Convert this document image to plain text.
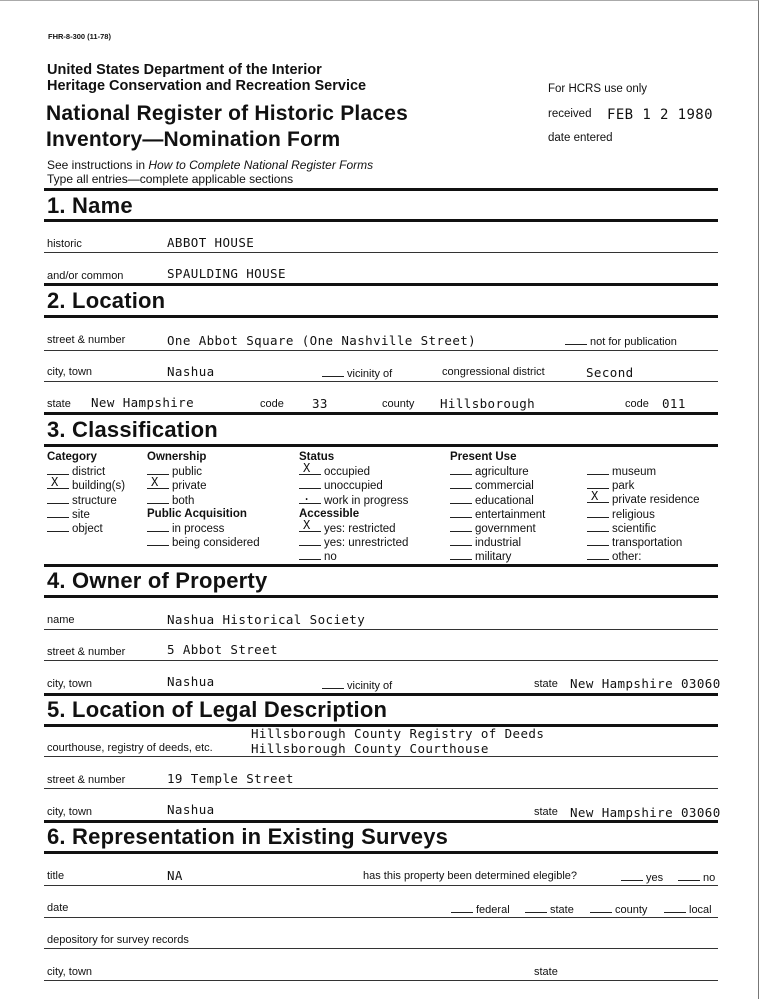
FHR-8-300 (11-78)
United States Department of the Interior
Heritage Conservation and Recreation Service
National Register of Historic Places
Inventory—Nomination Form
See instructions in How to Complete National Register Forms
Type all entries—complete applicable sections
For HCRS use only
received FEB 1 2 1980
date entered
1. Name
historic	ABBOT HOUSE
and/or common	SPAULDING HOUSE
2. Location
street & number	One Abbot Square (One Nashville Street)	not for publication
city, town	Nashua	vicinity of	congressional district	Second
state New Hampshire	code 33	county Hillsborough	code 011
3. Classification
Category
district
X building(s)
structure
site
object
Ownership
public
X private
both
Public Acquisition
in process
being considered
Status
X occupied
unoccupied
. work in progress
Accessible
X yes: restricted
yes: unrestricted
no
Present Use
agriculture
commercial
educational
entertainment
government
industrial
military
museum
park
X private residence
religious
scientific
transportation
other:
4. Owner of Property
name	Nashua Historical Society
street & number	5 Abbot Street
city, town	Nashua	vicinity of	state New Hampshire 03060
5. Location of Legal Description
Hillsborough County Registry of Deeds
courthouse, registry of deeds, etc.	Hillsborough County Courthouse
street & number	19 Temple Street
city, town	Nashua	state New Hampshire 03060
6. Representation in Existing Surveys
title	NA	has this property been determined elegible?	yes	no
date	federal	state	county	local
depository for survey records
city, town	state
